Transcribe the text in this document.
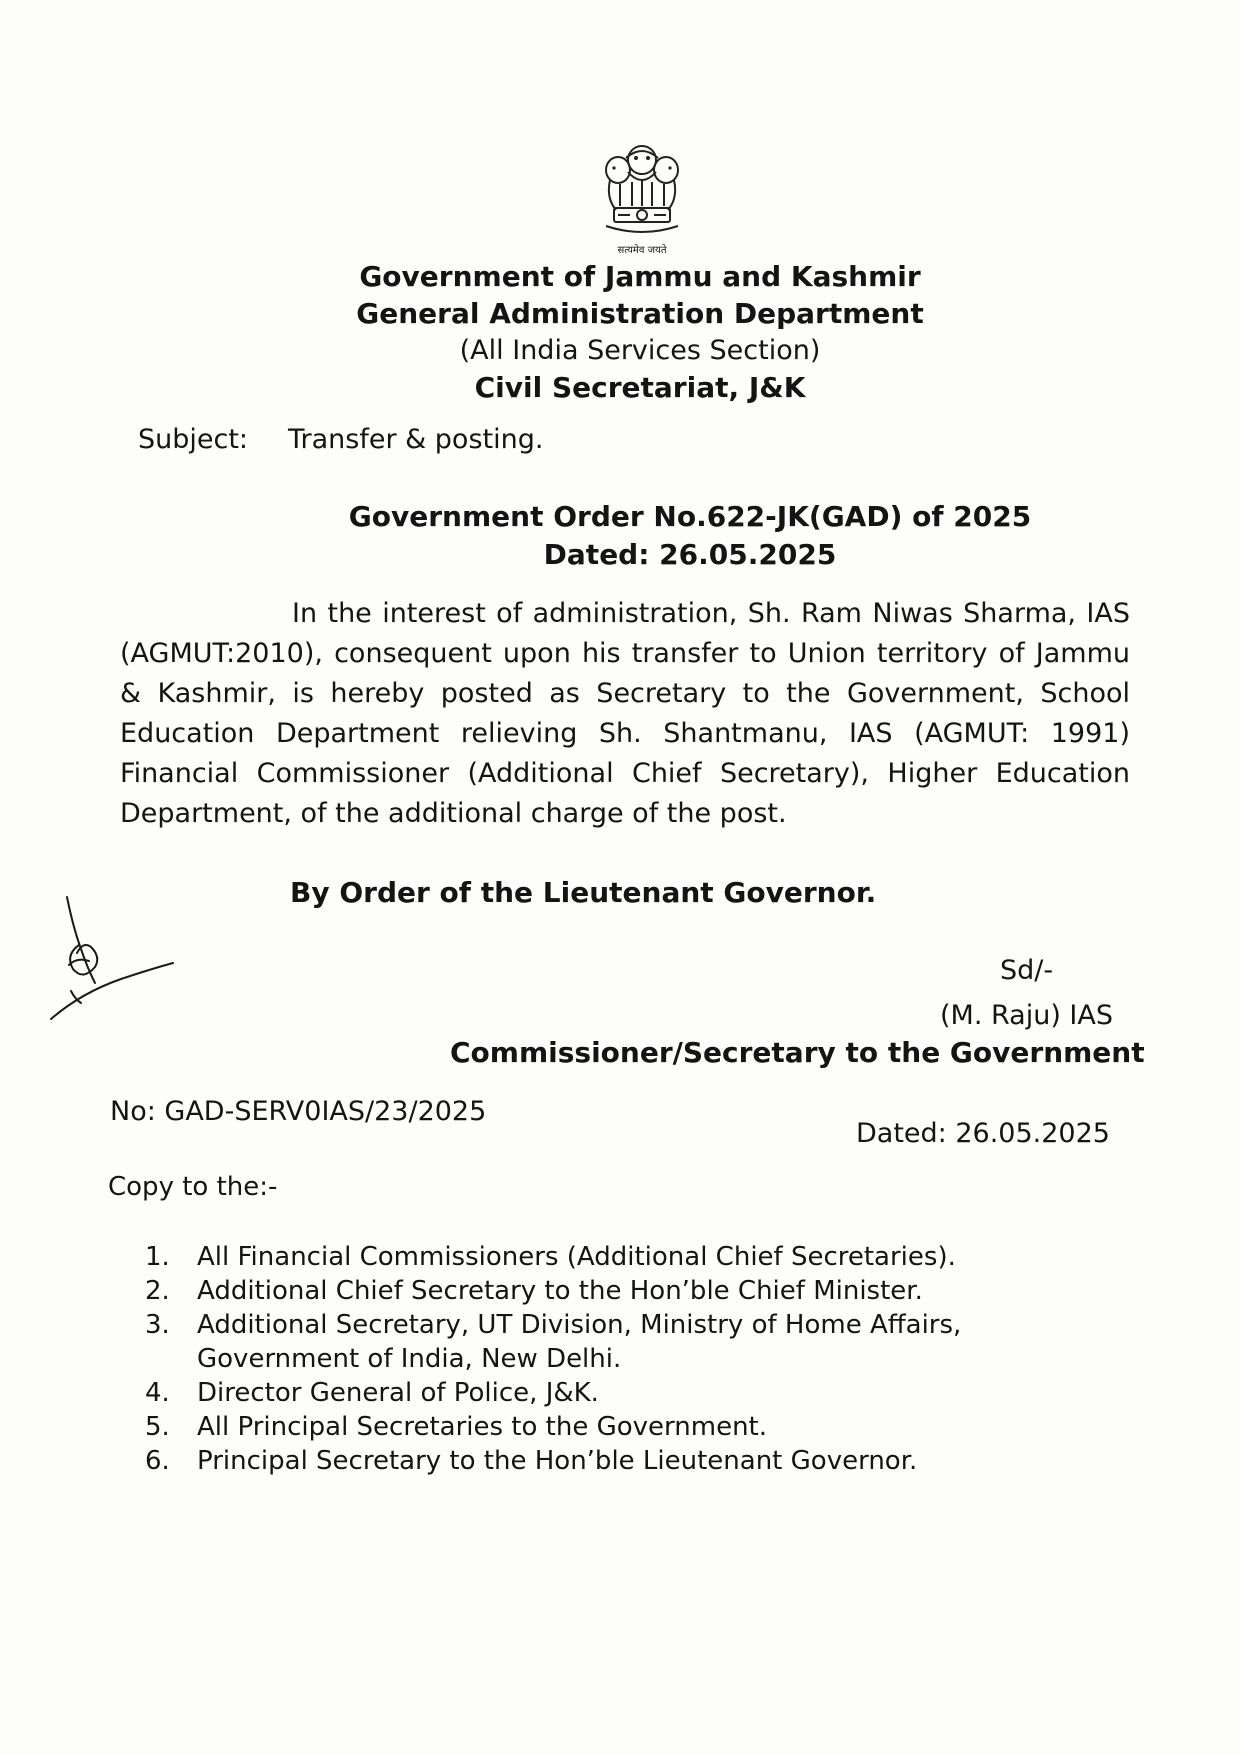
सत्यमेव जयते
Government of Jammu and Kashmir
General Administration Department
(All India Services Section)
Civil Secretariat, J&K
Subject: Transfer & posting.
Government Order No.622-JK(GAD) of 2025
Dated: 26.05.2025

In the interest of administration, Sh. Ram Niwas Sharma, IAS (AGMUT:2010), consequent upon his transfer to Union territory of Jammu & Kashmir, is hereby posted as Secretary to the Government, School Education Department relieving Sh. Shantmanu, IAS (AGMUT: 1991) Financial Commissioner (Additional Chief Secretary), Higher Education Department, of the additional charge of the post.

By Order of the Lieutenant Governor.
Sd/-
(M. Raju) IAS
Commissioner/Secretary to the Government
No: GAD-SERV0IAS/23/2025
Dated: 26.05.2025
Copy to the:-
1.	All Financial Commissioners (Additional Chief Secretaries).
2.	Additional Chief Secretary to the Hon’ble Chief Minister.
3.	Additional Secretary, UT Division, Ministry of Home Affairs, Government of India, New Delhi.
4.	Director General of Police, J&K.
5.	All Principal Secretaries to the Government.
6.	Principal Secretary to the Hon’ble Lieutenant Governor.
